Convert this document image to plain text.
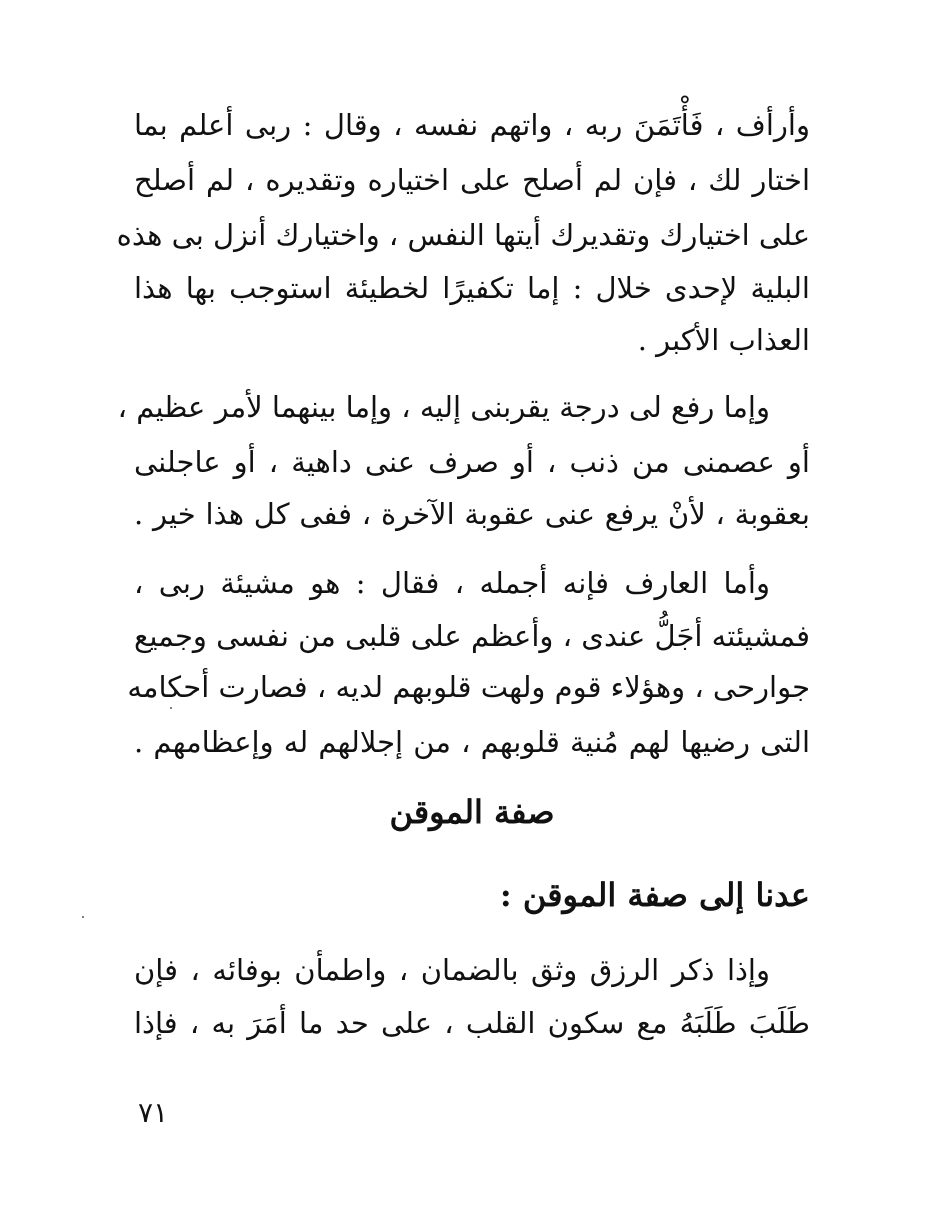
وأرأف ، فَأْتَمَنَ ربه ، واتهم نفسه ، وقال : ربى أعلم بما
اختار لك ، فإن لم أصلح على اختياره وتقديره ، لم أصلح
على اختيارك وتقديرك أيتها النفس ، واختيارك أنزل بى هذه
البلية لإحدى خلال : إما تكفيرًا لخطيئة استوجب بها هذا
العذاب الأكبر .
وإما رفع لى درجة يقربنى إليه ، وإما بينهما لأمر عظيم ،
أو عصمنى من ذنب ، أو صرف عنى داهية ، أو عاجلنى
بعقوبة ، لأنْ يرفع عنى عقوبة الآخرة ، ففى كل هذا خير .
وأما العارف فإنه أجمله ، فقال : هو مشيئة ربى ،
فمشيئته أجَلُّ عندى ، وأعظم على قلبى من نفسى وجميع
جوارحى ، وهؤلاء قوم ولهت قلوبهم لديه ، فصارت أحكامه
التى رضيها لهم مُنية قلوبهم ، من إجلالهم له وإعظامهم .
صفة الموقن
عدنا إلى صفة الموقن :
وإذا ذكر الرزق وثق بالضمان ، واطمأن بوفائه ، فإن
طَلَبَ طَلَبَهُ مع سكون القلب ، على حد ما أمَرَ به ، فإذا
٧١
